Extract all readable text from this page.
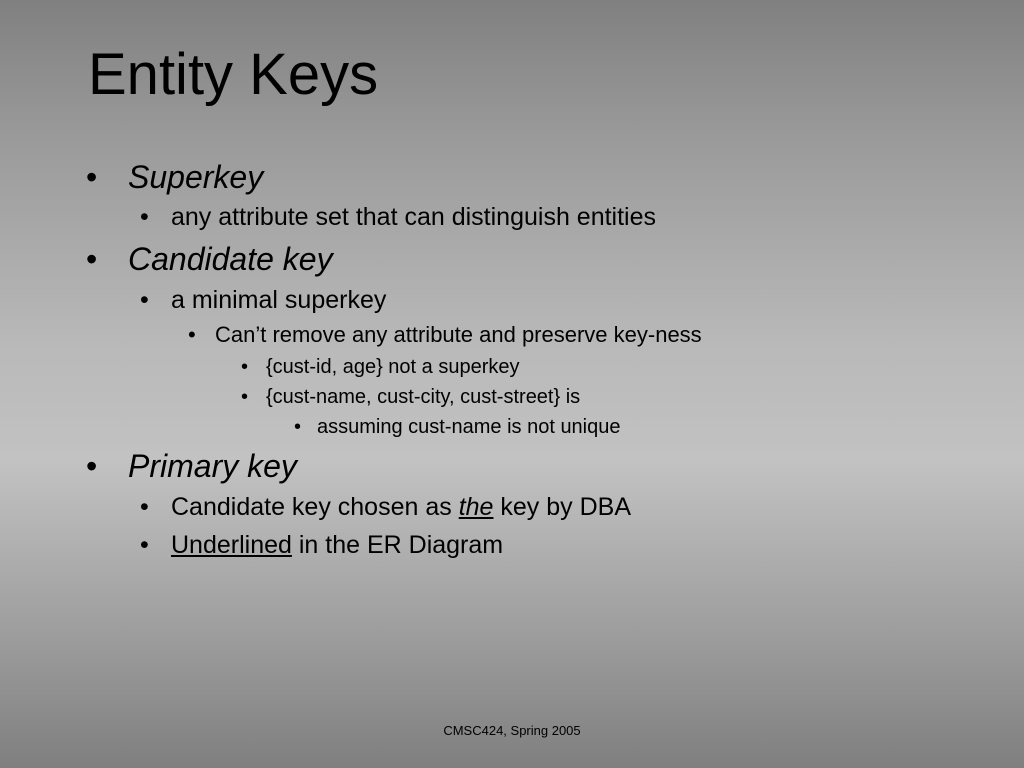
Entity Keys
• Superkey
• any attribute set that can distinguish entities
• Candidate key
• a minimal superkey
• Can’t remove any attribute and preserve key-ness
• {cust-id, age} not a superkey
• {cust-name, cust-city, cust-street} is
• assuming cust-name is not unique
• Primary key
• Candidate key chosen as the key by DBA
• Underlined in the ER Diagram
CMSC424, Spring 2005
